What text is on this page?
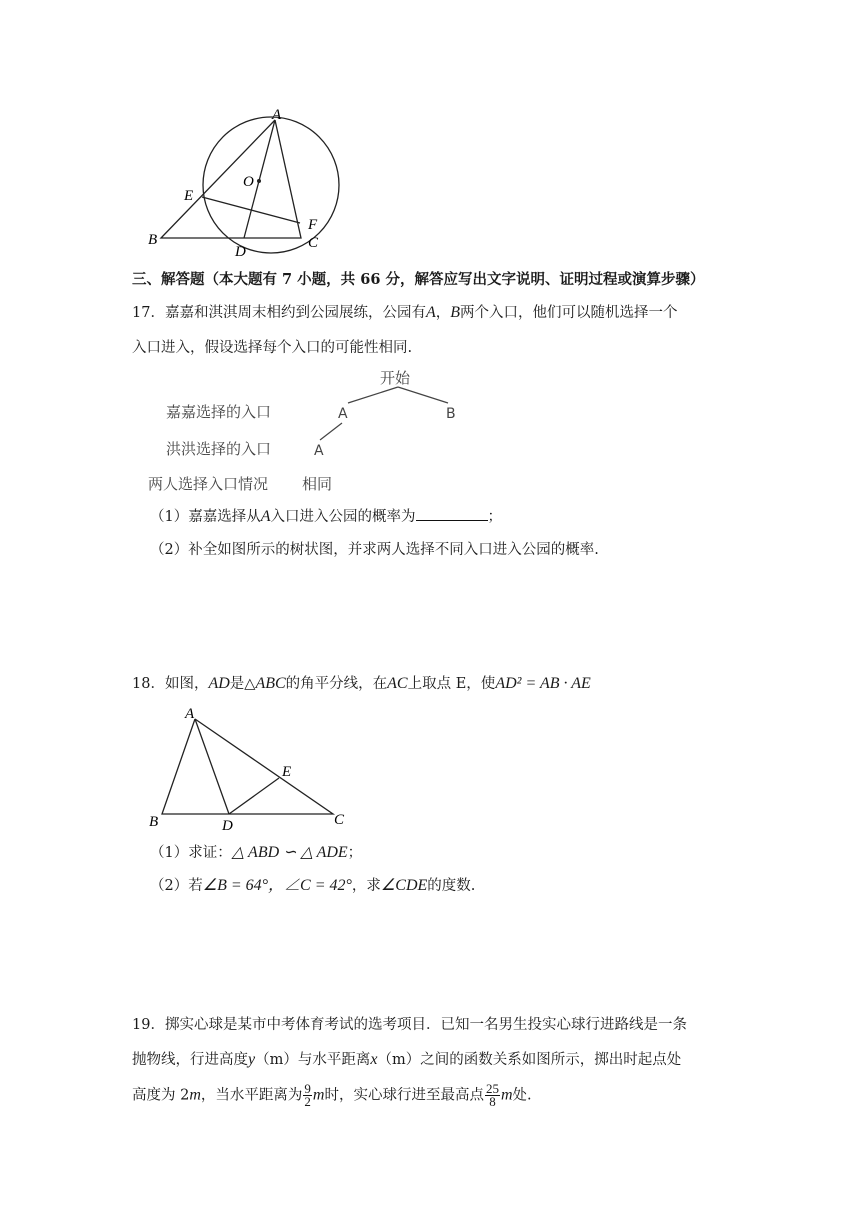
A
O
E
F
B
D
C
三、解答题（本大题有 7 小题，共 66 分，解答应写出文字说明、证明过程或演算步骤）
17．嘉嘉和淇淇周末相约到公园展练，公园有A，B两个入口，他们可以随机选择一个
入口进入，假设选择每个入口的可能性相同.
开始
嘉嘉选择的入口	A	B
洪洪选择的入口	A
两人选择入口情况 相同
（1）嘉嘉选择从A入口进入公园的概率为	；
（2）补全如图所示的树状图，并求两人选择不同入口进入公园的概率.
18．如图，AD是△ABC的角平分线，在AC上取点 E，使AD² = AB · AE
A
E
B	D	C
（1）求证：△ ABD ∽ △ ADE；
（2）若∠B = 64°，∠C = 42°，求∠CDE的度数.
19．掷实心球是某市中考体育考试的选考项目．已知一名男生投实心球行进路线是一条
抛物线，行进高度y（m）与水平距离x（m）之间的函数关系如图所示，掷出时起点处
高度为 2m，当水平距离为 $\frac{9}{2}$ m时，实心球行进至最高点 $\frac{25}{8}$ m处.
